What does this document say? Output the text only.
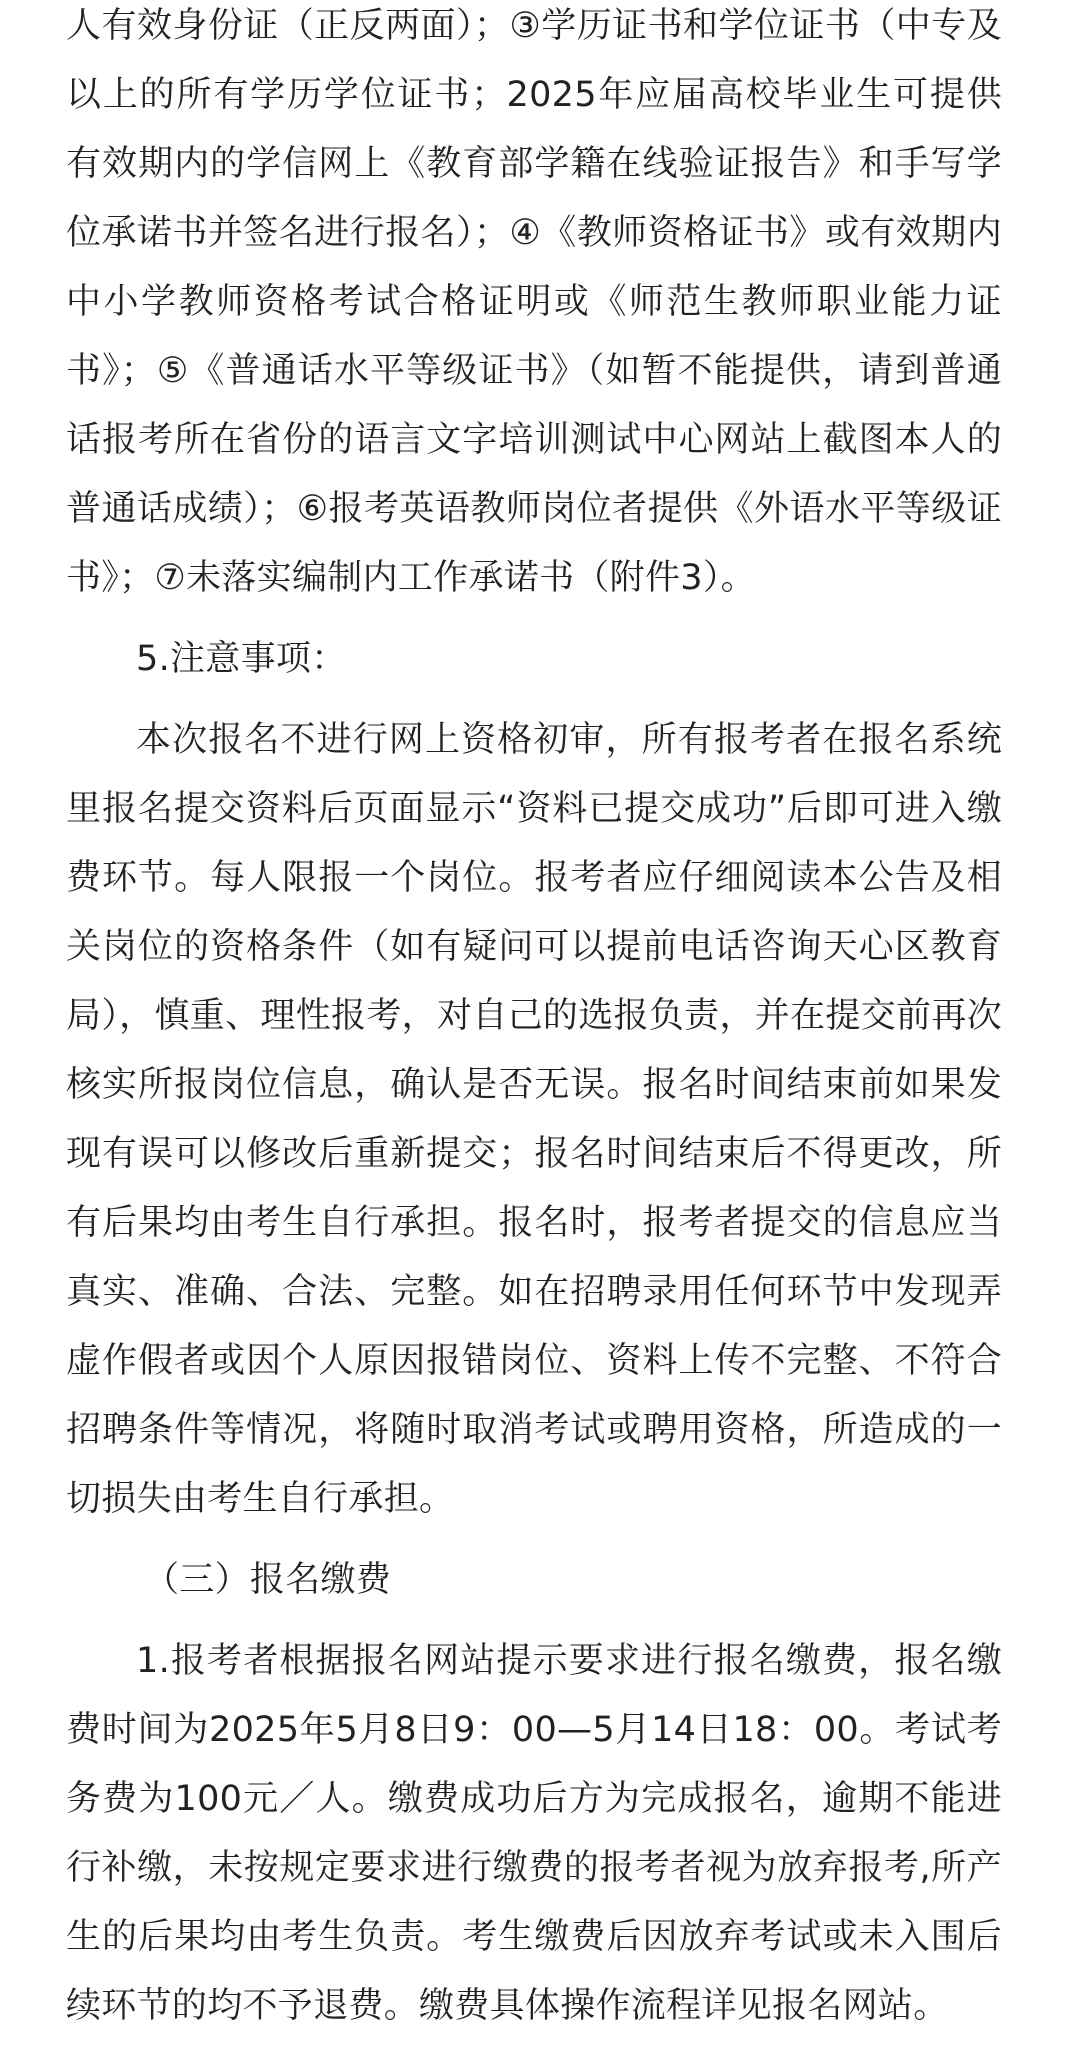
人有效身份证（正反两面）；③学历证书和学位证书（中专及以上的所有学历学位证书；2025年应届高校毕业生可提供有效期内的学信网上《教育部学籍在线验证报告》和手写学位承诺书并签名进行报名）；④《教师资格证书》或有效期内中小学教师资格考试合格证明或《师范生教师职业能力证书》；⑤《普通话水平等级证书》（如暂不能提供，请到普通话报考所在省份的语言文字培训测试中心网站上截图本人的普通话成绩）；⑥报考英语教师岗位者提供《外语水平等级证书》；⑦未落实编制内工作承诺书（附件3）。

5.注意事项：

本次报名不进行网上资格初审，所有报考者在报名系统里报名提交资料后页面显示“资料已提交成功”后即可进入缴费环节。每人限报一个岗位。报考者应仔细阅读本公告及相关岗位的资格条件（如有疑问可以提前电话咨询天心区教育局），慎重、理性报考，对自己的选报负责，并在提交前再次核实所报岗位信息，确认是否无误。报名时间结束前如果发现有误可以修改后重新提交；报名时间结束后不得更改，所有后果均由考生自行承担。报名时，报考者提交的信息应当真实、准确、合法、完整。如在招聘录用任何环节中发现弄虚作假者或因个人原因报错岗位、资料上传不完整、不符合招聘条件等情况，将随时取消考试或聘用资格，所造成的一切损失由考生自行承担。

（三）报名缴费

1.报考者根据报名网站提示要求进行报名缴费，报名缴费时间为2025年5月8日9：00—5月14日18：00。考试考务费为100元／人。缴费成功后方为完成报名，逾期不能进行补缴，未按规定要求进行缴费的报考者视为放弃报考,所产生的后果均由考生负责。考生缴费后因放弃考试或未入围后续环节的均不予退费。缴费具体操作流程详见报名网站。
